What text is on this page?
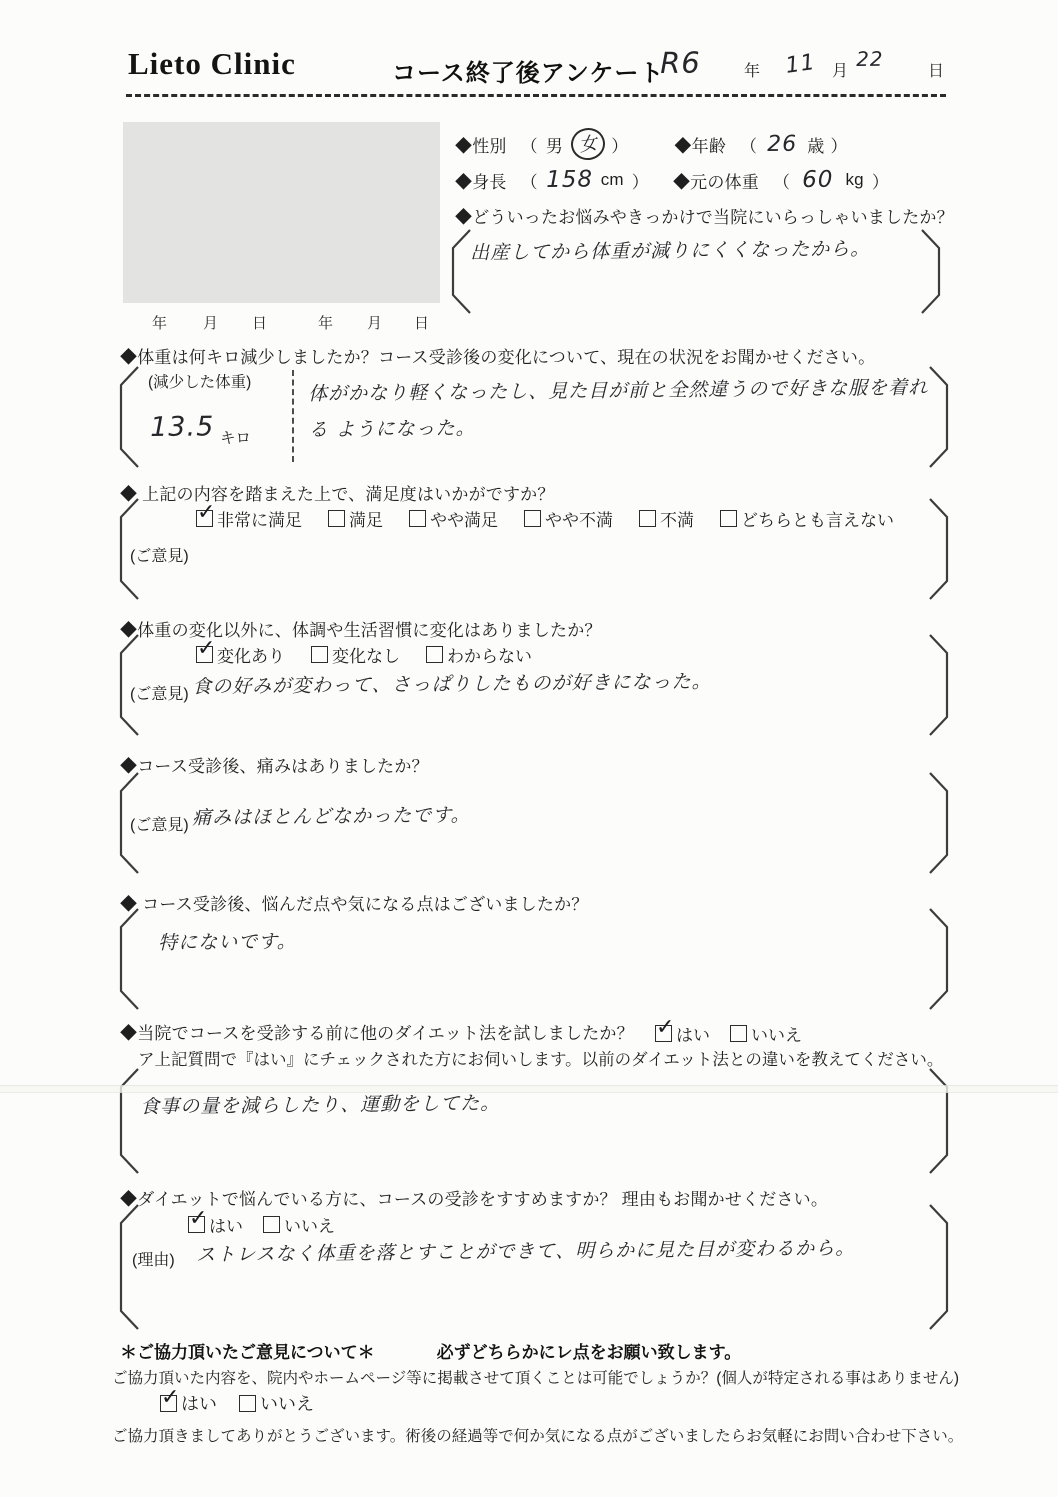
Lieto Clinic	コース終了後アンケート
R6	年 11 月
22
日
年 月 日	年 月 日
◆性別 （ 男 女 ）	◆年齢 （ 26 歳 ）
◆身長 （ 158 cm ） ◆元の体重 （ 60 kg ）
◆どういったお悩みやきっかけで当院にいらっしゃいましたか？
出産してから体重が減りにくくなったから。
◆体重は何キロ減少しましたか？コース受診後の変化について、現在の状況をお聞かせください。
(減少した体重)
13.5 キロ
体がかなり軽くなったし、見た目が前と全然違うので好きな服を着れる ようになった。
◆ 上記の内容を踏まえた上で、満足度はいかがですか？
✓ 非常に満足	満足	やや満足	やや不満	不満	どちらとも言えない
(ご意見)
◆体重の変化以外に、体調や生活習慣に変化はありましたか？
✓ 変化あり	変化なし	わからない
(ご意見) 食の好みが変わって、さっぱりしたものが好きになった。
◆コース受診後、痛みはありましたか？
(ご意見) 痛みはほとんどなかったです。
◆ コース受診後、悩んだ点や気になる点はございましたか？
特にないです。
◆当院でコースを受診する前に他のダイエット法を試しましたか？ ✓ はい いいえ
ア上記質問で『はい』にチェックされた方にお伺いします。以前のダイエット法との違いを教えてください。
食事の量を減らしたり、運動をしてた。
◆ダイエットで悩んでいる方に、コースの受診をすすめますか？ 理由もお聞かせください。
✓ はい いいえ
(理由) ストレスなく体重を落とすことができて、明らかに見た目が変わるから。
＊ご協力頂いたご意見について＊	必ずどちらかにレ点をお願い致します。
ご協力頂いた内容を、院内やホームページ等に掲載させて頂くことは可能でしょうか？(個人が特定される事はありません)
✓ はい いいえ
ご協力頂きましてありがとうございます。術後の経過等で何か気になる点がございましたらお気軽にお問い合わせ下さい。
